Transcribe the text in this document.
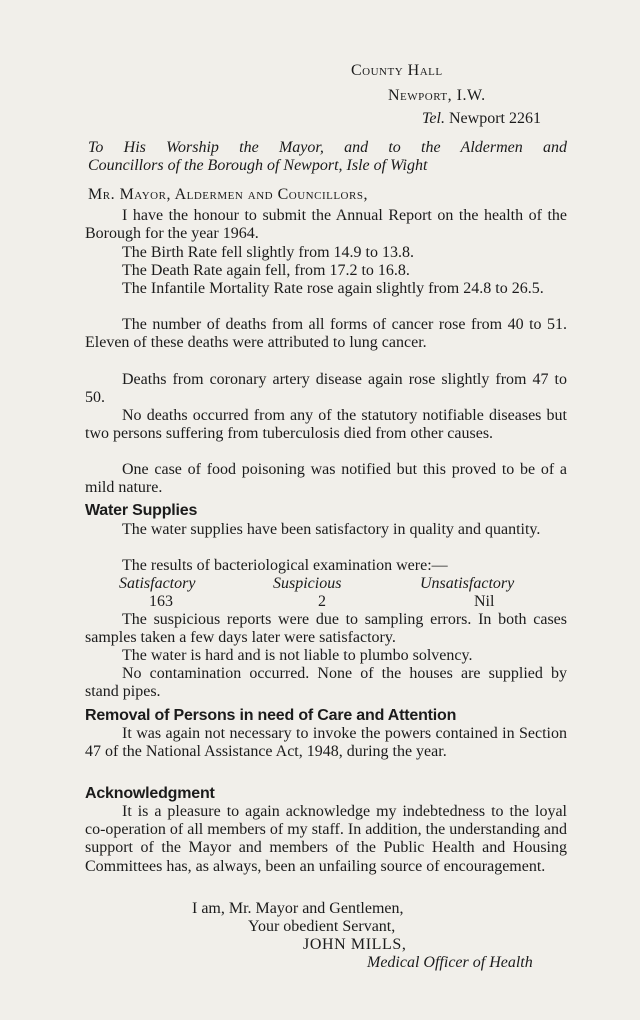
County Hall
Newport, I.W.
Tel. Newport 2261
To His Worship the Mayor, and to the Aldermen and
Councillors of the Borough of Newport, Isle of Wight
Mr. Mayor, Aldermen and Councillors,

I have the honour to submit the Annual Report on the health of the Borough for the year 1964.

The Birth Rate fell slightly from 14.9 to 13.8.

The Death Rate again fell, from 17.2 to 16.8.

The Infantile Mortality Rate rose again slightly from 24.8 to 26.5.

The number of deaths from all forms of cancer rose from 40 to 51. Eleven of these deaths were attributed to lung cancer.

Deaths from coronary artery disease again rose slightly from 47 to 50.

No deaths occurred from any of the statutory notifiable diseases but two persons suffering from tuberculosis died from other causes.

One case of food poisoning was notified but this proved to be of a mild nature.

Water Supplies

The water supplies have been satisfactory in quality and quantity.

The results of bacteriological examination were:—

Satisfactory	Suspicious	Unsatisfactory
163	2	Nil

The suspicious reports were due to sampling errors. In both cases samples taken a few days later were satisfactory.

The water is hard and is not liable to plumbo solvency.

No contamination occurred. None of the houses are supplied by stand pipes.

Removal of Persons in need of Care and Attention

It was again not necessary to invoke the powers contained in Section 47 of the National Assistance Act, 1948, during the year.

Acknowledgment

It is a pleasure to again acknowledge my indebtedness to the loyal co-operation of all members of my staff. In addition, the understanding and support of the Mayor and members of the Public Health and Housing Committees has, as always, been an unfailing source of encouragement.

I am, Mr. Mayor and Gentlemen,
Your obedient Servant,
JOHN MILLS,
Medical Officer of Health
